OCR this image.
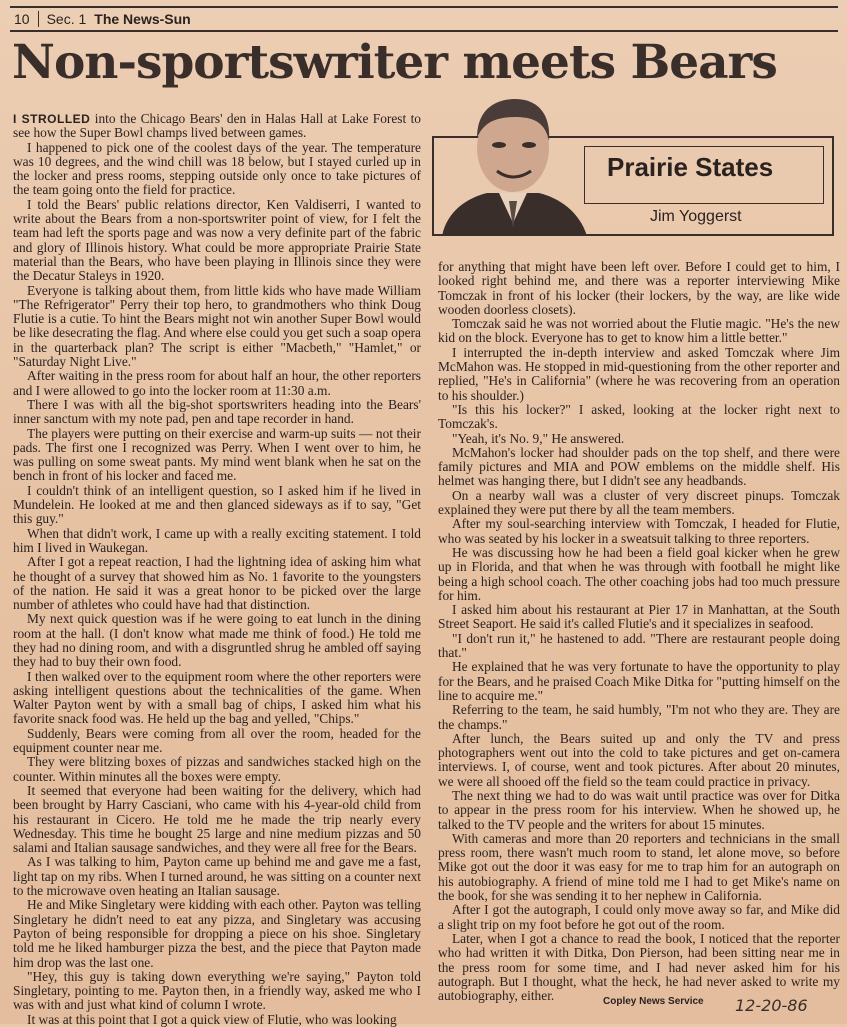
10	Sec. 1 The News-Sun
Non-sportswriter meets Bears

I STROLLED into the Chicago Bears' den in Halas Hall at Lake Forest to see how the Super Bowl champs lived between games.

I happened to pick one of the coolest days of the year. The temperature was 10 degrees, and the wind chill was 18 below, but I stayed curled up in the locker and press rooms, stepping outside only once to take pictures of the team going onto the field for practice.

I told the Bears' public relations director, Ken Valdiserri, I wanted to write about the Bears from a non-sportswriter point of view, for I felt the team had left the sports page and was now a very definite part of the fabric and glory of Illinois history. What could be more appropriate Prairie State material than the Bears, who have been playing in Illinois since they were the Decatur Staleys in 1920.

Everyone is talking about them, from little kids who have made William "The Refrigerator" Perry their top hero, to grandmothers who think Doug Flutie is a cutie. To hint the Bears might not win another Super Bowl would be like desecrating the flag. And where else could you get such a soap opera in the quarterback plan? The script is either "Macbeth," "Hamlet," or "Saturday Night Live."

After waiting in the press room for about half an hour, the other reporters and I were allowed to go into the locker room at 11:30 a.m.

There I was with all the big-shot sportswriters heading into the Bears' inner sanctum with my note pad, pen and tape recorder in hand.

The players were putting on their exercise and warm-up suits — not their pads. The first one I recognized was Perry. When I went over to him, he was pulling on some sweat pants. My mind went blank when he sat on the bench in front of his locker and faced me.

I couldn't think of an intelligent question, so I asked him if he lived in Mundelein. He looked at me and then glanced sideways as if to say, "Get this guy."

When that didn't work, I came up with a really exciting statement. I told him I lived in Waukegan.

After I got a repeat reaction, I had the lightning idea of asking him what he thought of a survey that showed him as No. 1 favorite to the youngsters of the nation. He said it was a great honor to be picked over the large number of athletes who could have had that distinction.

My next quick question was if he were going to eat lunch in the dining room at the hall. (I don't know what made me think of food.) He told me they had no dining room, and with a disgruntled shrug he ambled off saying they had to buy their own food.

I then walked over to the equipment room where the other reporters were asking intelligent questions about the technicalities of the game. When Walter Payton went by with a small bag of chips, I asked him what his favorite snack food was. He held up the bag and yelled, "Chips."

Suddenly, Bears were coming from all over the room, headed for the equipment counter near me.

They were blitzing boxes of pizzas and sandwiches stacked high on the counter. Within minutes all the boxes were empty.

It seemed that everyone had been waiting for the delivery, which had been brought by Harry Casciani, who came with his 4-year-old child from his restaurant in Cicero. He told me he made the trip nearly every Wednesday. This time he bought 25 large and nine medium pizzas and 50 salami and Italian sausage sandwiches, and they were all free for the Bears.

As I was talking to him, Payton came up behind me and gave me a fast, light tap on my ribs. When I turned around, he was sitting on a counter next to the microwave oven heating an Italian sausage.

He and Mike Singletary were kidding with each other. Payton was telling Singletary he didn't need to eat any pizza, and Singletary was accusing Payton of being responsible for dropping a piece on his shoe. Singletary told me he liked hamburger pizza the best, and the piece that Payton made him drop was the last one.

"Hey, this guy is taking down everything we're saying," Payton told Singletary, pointing to me. Payton then, in a friendly way, asked me who I was with and just what kind of column I wrote.

It was at this point that I got a quick view of Flutie, who was looking

Prairie States
Jim Yoggerst

for anything that might have been left over. Before I could get to him, I looked right behind me, and there was a reporter interviewing Mike Tomczak in front of his locker (their lockers, by the way, are like wide wooden doorless closets).

Tomczak said he was not worried about the Flutie magic. "He's the new kid on the block. Everyone has to get to know him a little better."

I interrupted the in-depth interview and asked Tomczak where Jim McMahon was. He stopped in mid-questioning from the other reporter and replied, "He's in California" (where he was recovering from an operation to his shoulder.)

"Is this his locker?" I asked, looking at the locker right next to Tomczak's.

"Yeah, it's No. 9," He answered.

McMahon's locker had shoulder pads on the top shelf, and there were family pictures and MIA and POW emblems on the middle shelf. His helmet was hanging there, but I didn't see any headbands.

On a nearby wall was a cluster of very discreet pinups. Tomczak explained they were put there by all the team members.

After my soul-searching interview with Tomczak, I headed for Flutie, who was seated by his locker in a sweatsuit talking to three reporters.

He was discussing how he had been a field goal kicker when he grew up in Florida, and that when he was through with football he might like being a high school coach. The other coaching jobs had too much pressure for him.

I asked him about his restaurant at Pier 17 in Manhattan, at the South Street Seaport. He said it's called Flutie's and it specializes in seafood.

"I don't run it," he hastened to add. "There are restaurant people doing that."

He explained that he was very fortunate to have the opportunity to play for the Bears, and he praised Coach Mike Ditka for "putting himself on the line to acquire me."

Referring to the team, he said humbly, "I'm not who they are. They are the champs."

After lunch, the Bears suited up and only the TV and press photographers went out into the cold to take pictures and get on-camera interviews. I, of course, went and took pictures. After about 20 minutes, we were all shooed off the field so the team could practice in privacy.

The next thing we had to do was wait until practice was over for Ditka to appear in the press room for his interview. When he showed up, he talked to the TV people and the writers for about 15 minutes.

With cameras and more than 20 reporters and technicians in the small press room, there wasn't much room to stand, let alone move, so before Mike got out the door it was easy for me to trap him for an autograph on his autobiography. A friend of mine told me I had to get Mike's name on the book, for she was sending it to her nephew in California.

After I got the autograph, I could only move away so far, and Mike did a slight trip on my foot before he got out of the room.

Later, when I got a chance to read the book, I noticed that the reporter who had written it with Ditka, Don Pierson, had been sitting near me in the press room for some time, and I had never asked him for his autograph. But I thought, what the heck, he had never asked to write my autobiography, either.	Copley News Service 12-20-86
